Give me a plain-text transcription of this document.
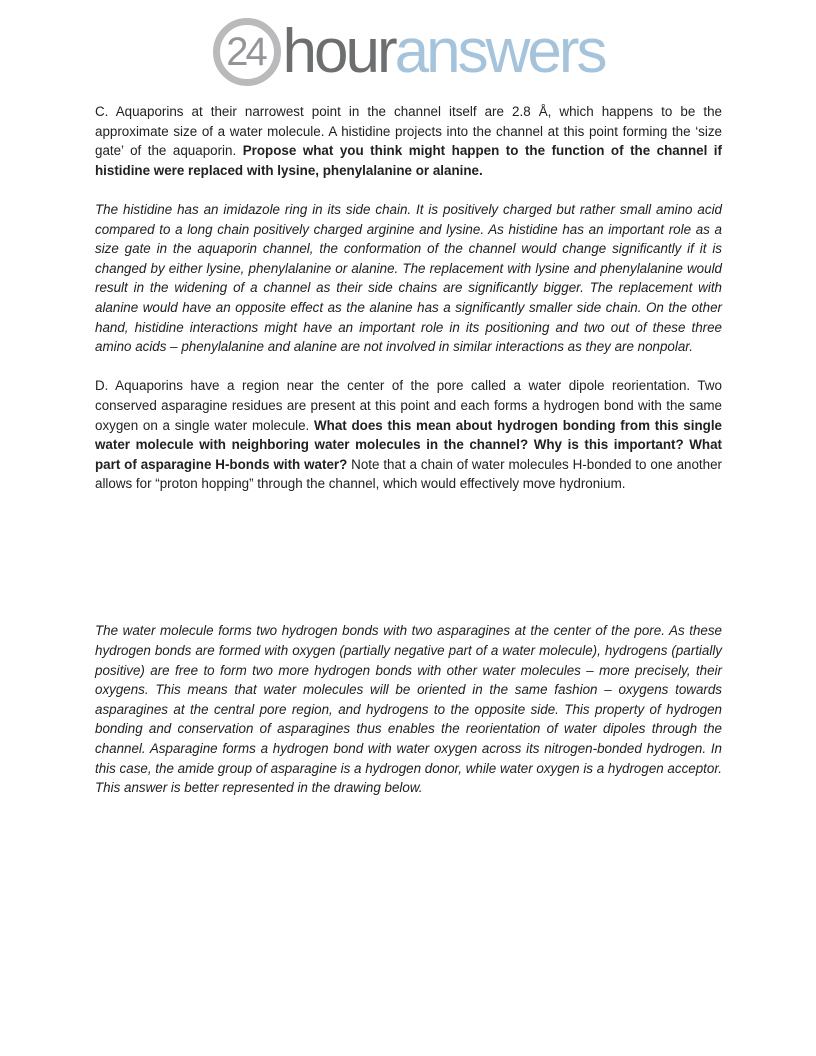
24 hour answers

C. Aquaporins at their narrowest point in the channel itself are 2.8 Å, which happens to be the approximate size of a water molecule. A histidine projects into the channel at this point forming the ‘size gate’ of the aquaporin. Propose what you think might happen to the function of the channel if histidine were replaced with lysine, phenylalanine or alanine.

The histidine has an imidazole ring in its side chain. It is positively charged but rather small amino acid compared to a long chain positively charged arginine and lysine. As histidine has an important role as a size gate in the aquaporin channel, the conformation of the channel would change significantly if it is changed by either lysine, phenylalanine or alanine. The replacement with lysine and phenylalanine would result in the widening of a channel as their side chains are significantly bigger. The replacement with alanine would have an opposite effect as the alanine has a significantly smaller side chain. On the other hand, histidine interactions might have an important role in its positioning and two out of these three amino acids – phenylalanine and alanine are not involved in similar interactions as they are nonpolar.

D. Aquaporins have a region near the center of the pore called a water dipole reorientation. Two conserved asparagine residues are present at this point and each forms a hydrogen bond with the same oxygen on a single water molecule. What does this mean about hydrogen bonding from this single water molecule with neighboring water molecules in the channel? Why is this important? What part of asparagine H-bonds with water? Note that a chain of water molecules H-bonded to one another allows for “proton hopping” through the channel, which would effectively move hydronium.

The water molecule forms two hydrogen bonds with two asparagines at the center of the pore. As these hydrogen bonds are formed with oxygen (partially negative part of a water molecule), hydrogens (partially positive) are free to form two more hydrogen bonds with other water molecules – more precisely, their oxygens. This means that water molecules will be oriented in the same fashion – oxygens towards asparagines at the central pore region, and hydrogens to the opposite side. This property of hydrogen bonding and conservation of asparagines thus enables the reorientation of water dipoles through the channel. Asparagine forms a hydrogen bond with water oxygen across its nitrogen-bonded hydrogen. In this case, the amide group of asparagine is a hydrogen donor, while water oxygen is a hydrogen acceptor. This answer is better represented in the drawing below.
